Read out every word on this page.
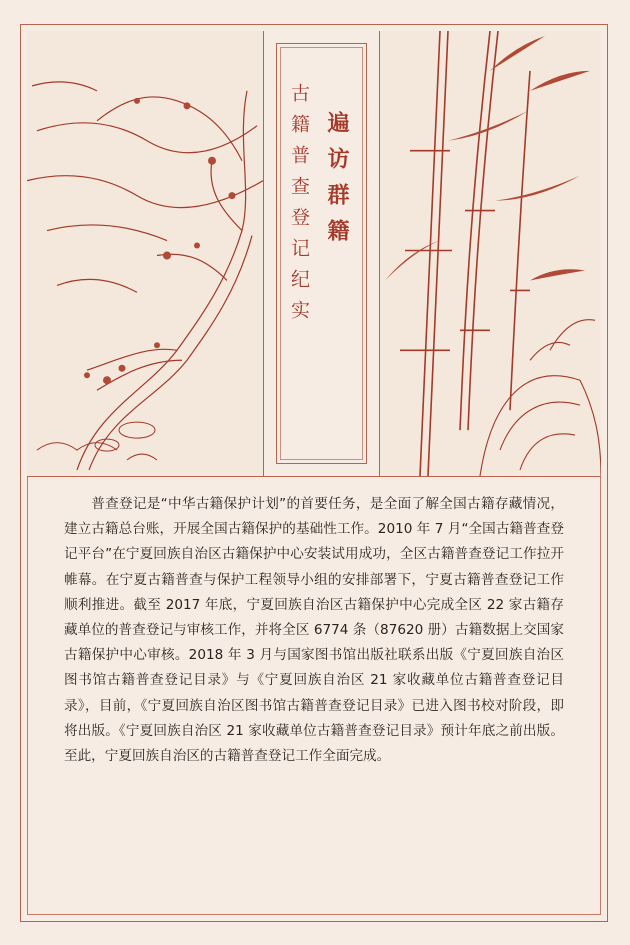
遍访群籍
古籍普查登记纪实
普查登记是“中华古籍保护计划”的首要任务，是全面了解全国古籍存藏情况，建立古籍总台账，开展全国古籍保护的基础性工作。2010 年 7 月“全国古籍普查登记平台”在宁夏回族自治区古籍保护中心安装试用成功，全区古籍普查登记工作拉开帷幕。在宁夏古籍普查与保护工程领导小组的安排部署下，宁夏古籍普查登记工作顺利推进。截至 2017 年底，宁夏回族自治区古籍保护中心完成全区 22 家古籍存藏单位的普查登记与审核工作，并将全区 6774 条（87620 册）古籍数据上交国家古籍保护中心审核。2018 年 3 月与国家图书馆出版社联系出版《宁夏回族自治区图书馆古籍普查登记目录》与《宁夏回族自治区 21 家收藏单位古籍普查登记目录》，目前，《宁夏回族自治区图书馆古籍普查登记目录》已进入图书校对阶段，即将出版。《宁夏回族自治区 21 家收藏单位古籍普查登记目录》预计年底之前出版。至此，宁夏回族自治区的古籍普查登记工作全面完成。
